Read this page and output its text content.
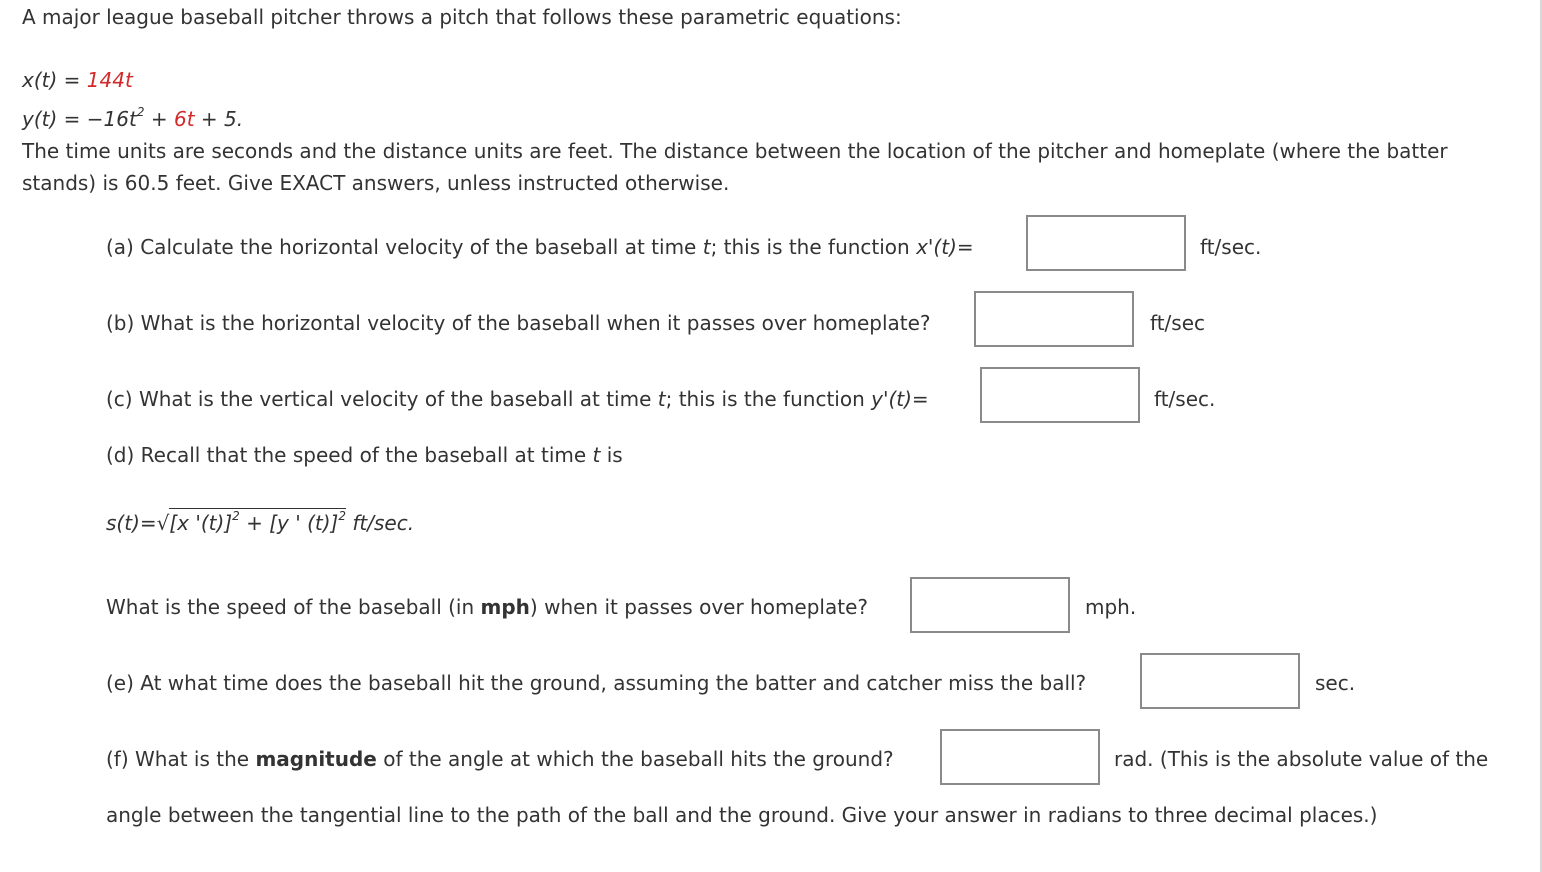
A major league baseball pitcher throws a pitch that follows these parametric equations:
x(t) = 144t
$y(t) = -16t^2 + 6t + 5$.
The time units are seconds and the distance units are feet. The distance between the location of the pitcher and homeplate (where the batter
stands) is 60.5 feet. Give EXACT answers, unless instructed otherwise.
(a) Calculate the horizontal velocity of the baseball at time t; this is the function x'(t)=	ft/sec.
(b) What is the horizontal velocity of the baseball when it passes over homeplate?	ft/sec
(c) What is the vertical velocity of the baseball at time t; this is the function y'(t)=	ft/sec.
(d) Recall that the speed of the baseball at time t is
s(t)=√[x '(t)]$^2$ + [y ' (t)]$^2$ ft/sec.
What is the speed of the baseball (in mph) when it passes over homeplate?	mph.
(e) At what time does the baseball hit the ground, assuming the batter and catcher miss the ball?	sec.
(f) What is the magnitude of the angle at which the baseball hits the ground?	rad. (This is the absolute value of the
angle between the tangential line to the path of the ball and the ground. Give your answer in radians to three decimal places.)
